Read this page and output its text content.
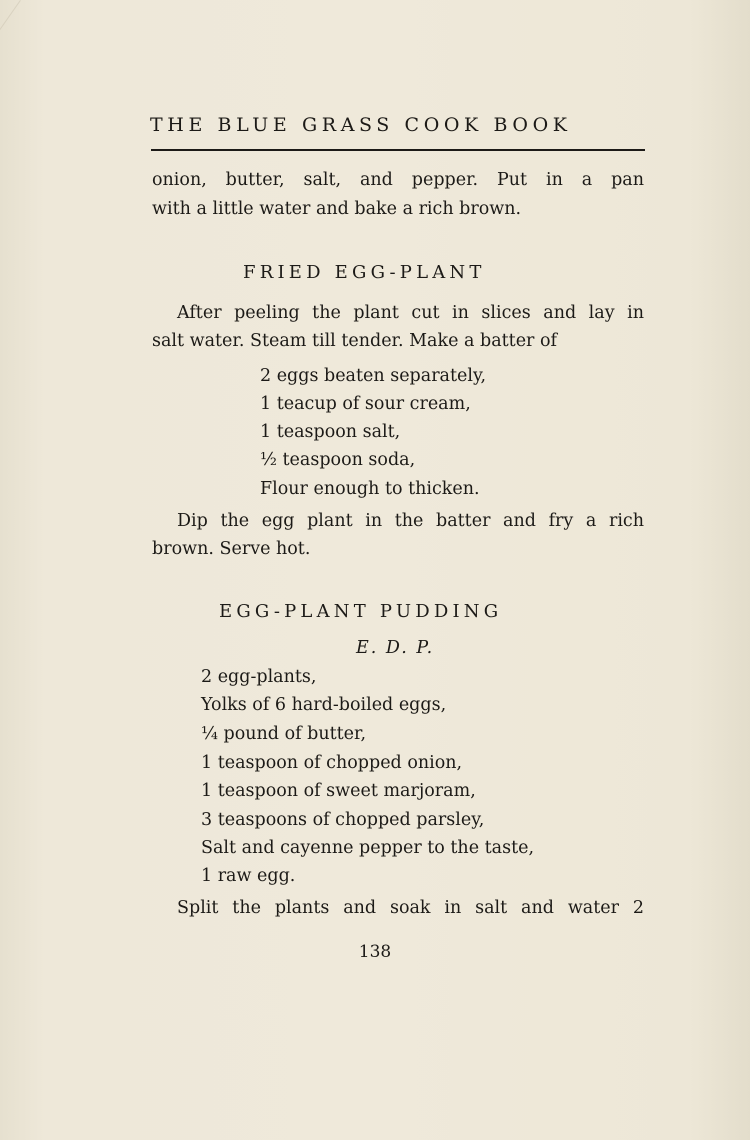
THE BLUE GRASS COOK BOOK
onion, butter, salt, and pepper. Put in a pan
with a little water and bake a rich brown.
FRIED EGG-PLANT
After peeling the plant cut in slices and lay in
salt water. Steam till tender. Make a batter of
2 eggs beaten separately,
1 teacup of sour cream,
1 teaspoon salt,
½ teaspoon soda,
Flour enough to thicken.
Dip the egg plant in the batter and fry a rich
brown. Serve hot.
EGG-PLANT PUDDING
E. D. P.
2 egg-plants,
Yolks of 6 hard-boiled eggs,
¼ pound of butter,
1 teaspoon of chopped onion,
1 teaspoon of sweet marjoram,
3 teaspoons of chopped parsley,
Salt and cayenne pepper to the taste,
1 raw egg.
Split the plants and soak in salt and water 2
138
